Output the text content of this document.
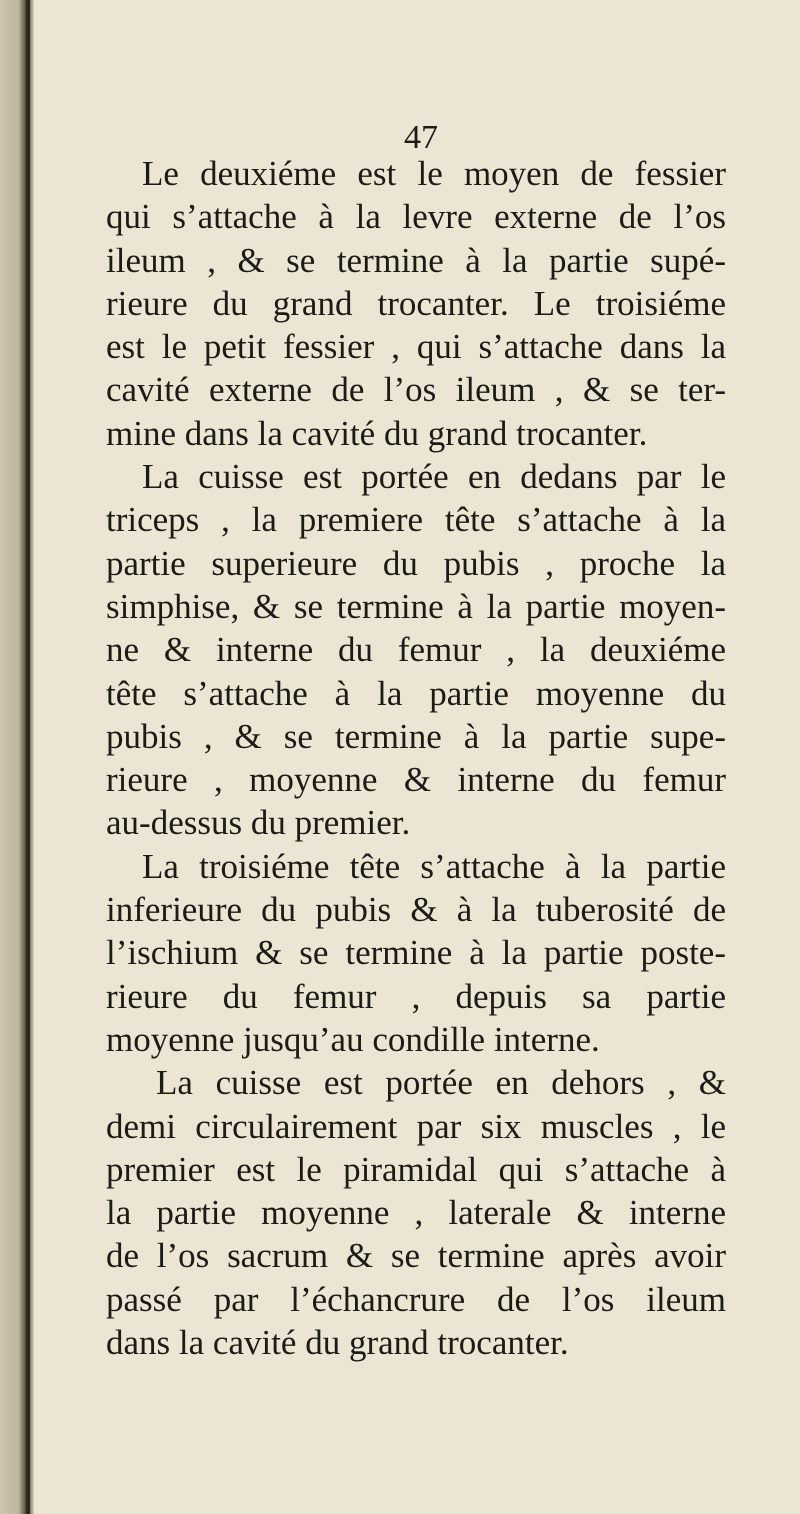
47
Le deuxiéme est le moyen de fessier
qui s’attache à la levre externe de l’os
ileum , & se termine à la partie supé-
rieure du grand trocanter. Le troisiéme
est le petit fessier , qui s’attache dans la
cavité externe de l’os ileum , & se ter-
mine dans la cavité du grand trocanter.
La cuisse est portée en dedans par le
triceps , la premiere tête s’attache à la
partie superieure du pubis , proche la
simphise, & se termine à la partie moyen-
ne & interne du femur , la deuxiéme
tête s’attache à la partie moyenne du
pubis , & se termine à la partie supe-
rieure , moyenne & interne du femur
au-dessus du premier.
La troisiéme tête s’attache à la partie
inferieure du pubis & à la tuberosité de
l’ischium & se termine à la partie poste-
rieure du femur , depuis sa partie
moyenne jusqu’au condille interne.
La cuisse est portée en dehors , &
demi circulairement par six muscles , le
premier est le piramidal qui s’attache à
la partie moyenne , laterale & interne
de l’os sacrum & se termine après avoir
passé par l’échancrure de l’os ileum
dans la cavité du grand trocanter.
